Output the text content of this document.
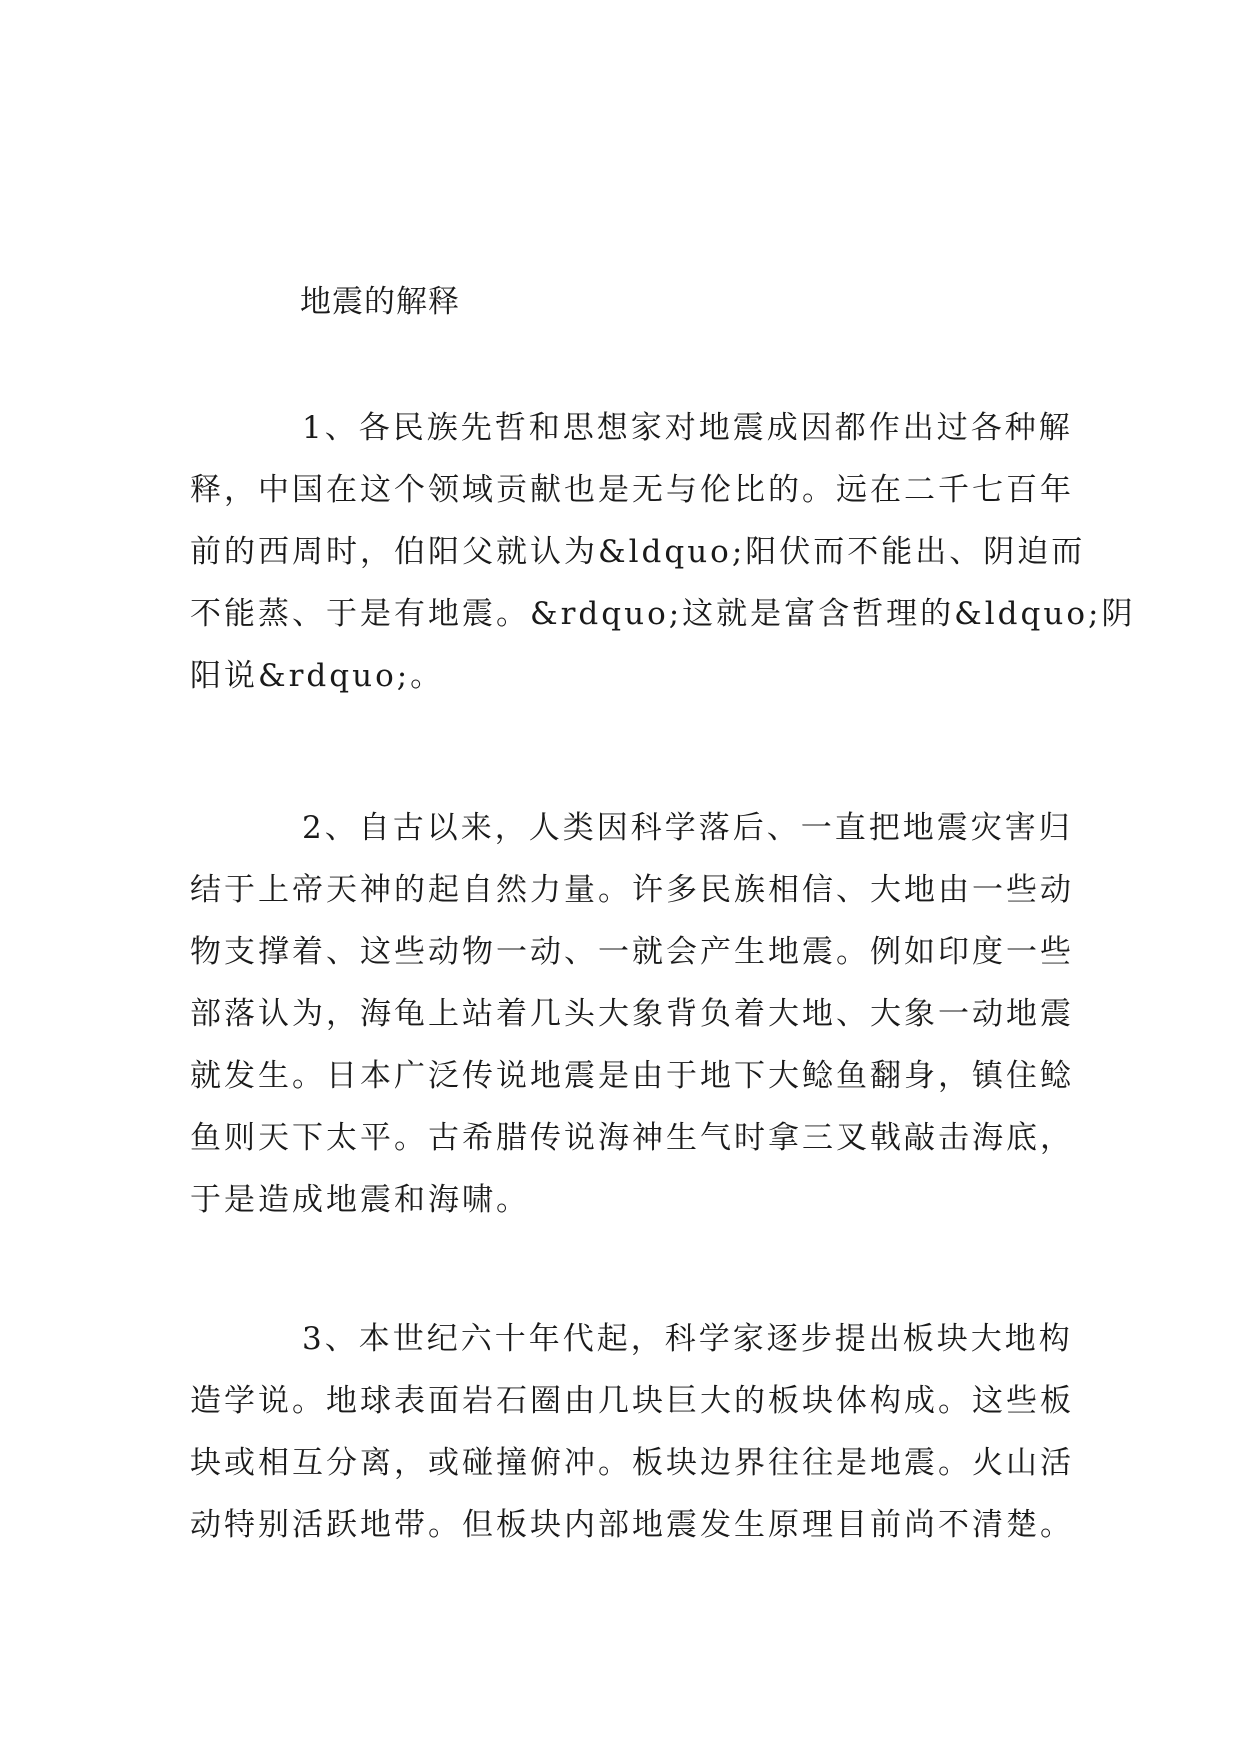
地震的解释
1、各民族先哲和思想家对地震成因都作出过各种解
释，中国在这个领域贡献也是无与伦比的。远在二千七百年
前的西周时，伯阳父就认为&ldquo;阳伏而不能出、阴迫而
不能蒸、于是有地震。&rdquo;这就是富含哲理的&ldquo;阴
阳说&rdquo;。
2、自古以来，人类因科学落后、一直把地震灾害归
结于上帝天神的起自然力量。许多民族相信、大地由一些动
物支撑着、这些动物一动、一就会产生地震。例如印度一些
部落认为，海龟上站着几头大象背负着大地、大象一动地震
就发生。日本广泛传说地震是由于地下大鲶鱼翻身，镇住鲶
鱼则天下太平。古希腊传说海神生气时拿三叉戟敲击海底，
于是造成地震和海啸。
3、本世纪六十年代起，科学家逐步提出板块大地构
造学说。地球表面岩石圈由几块巨大的板块体构成。这些板
块或相互分离，或碰撞俯冲。板块边界往往是地震。火山活
动特别活跃地带。但板块内部地震发生原理目前尚不清楚。
